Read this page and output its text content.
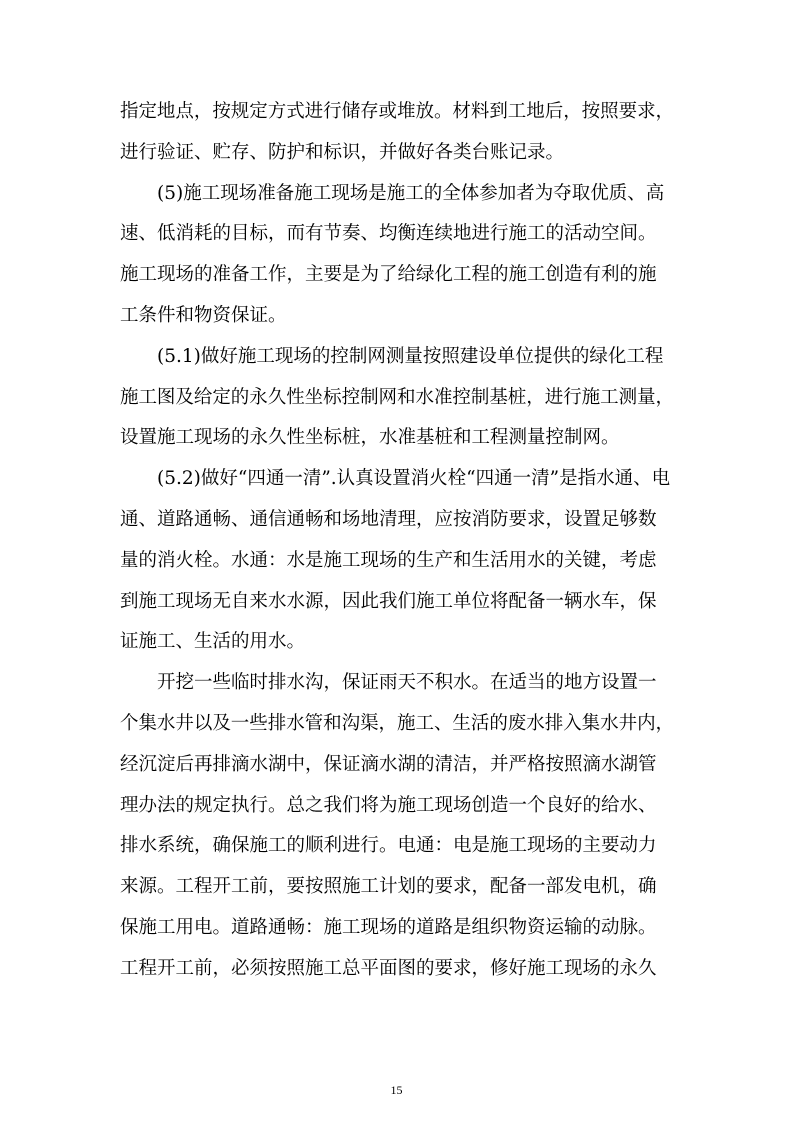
指定地点，按规定方式进行储存或堆放。材料到工地后，按照要求，
进行验证、贮存、防护和标识，并做好各类台账记录。
(5)施工现场准备施工现场是施工的全体参加者为夺取优质、高
速、低消耗的目标，而有节奏、均衡连续地进行施工的活动空间。
施工现场的准备工作，主要是为了给绿化工程的施工创造有利的施
工条件和物资保证。
(5.1)做好施工现场的控制网测量按照建设单位提供的绿化工程
施工图及给定的永久性坐标控制网和水准控制基桩，进行施工测量，
设置施工现场的永久性坐标桩，水准基桩和工程测量控制网。
(5.2)做好“四通一清”.认真设置消火栓“四通一清”是指水通、电
通、道路通畅、通信通畅和场地清理，应按消防要求，设置足够数
量的消火栓。水通：水是施工现场的生产和生活用水的关键，考虑
到施工现场无自来水水源，因此我们施工单位将配备一辆水车，保
证施工、生活的用水。
开挖一些临时排水沟，保证雨天不积水。在适当的地方设置一
个集水井以及一些排水管和沟渠，施工、生活的废水排入集水井内，
经沉淀后再排滴水湖中，保证滴水湖的清洁，并严格按照滴水湖管
理办法的规定执行。总之我们将为施工现场创造一个良好的给水、
排水系统，确保施工的顺利进行。电通：电是施工现场的主要动力
来源。工程开工前，要按照施工计划的要求，配备一部发电机，确
保施工用电。道路通畅：施工现场的道路是组织物资运输的动脉。
工程开工前，必须按照施工总平面图的要求，修好施工现场的永久
15
